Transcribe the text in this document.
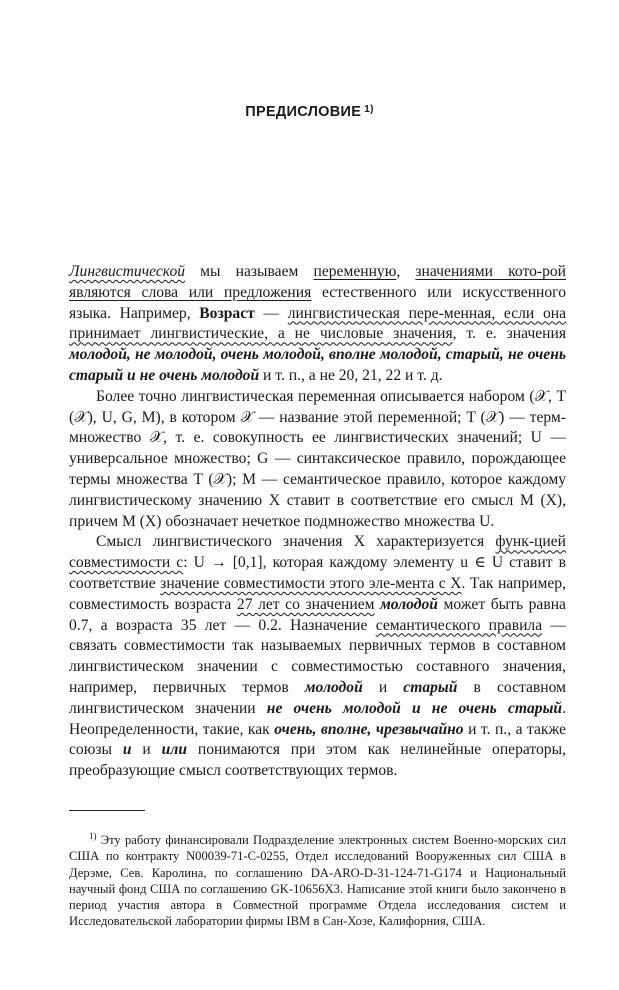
ПРЕДИСЛОВИЕ $^{1)}$

Лингвистической мы называем переменную, значениями кото-рой являются слова или предложения естественного или искусственного языка. Например, Возраст — лингвистическая пере-менная, если она принимает лингвистические, а не числовые значения, т. е. значения молодой, не молодой, очень молодой, вполне молодой, старый, не очень старый и не очень молодой и т. п., а не 20, 21, 22 и т. д.

Более точно лингвистическая переменная описывается набором (𝒳, T (𝒳), U, G, M), в котором 𝒳 — название этой переменной; T (𝒳) — терм-множество 𝒳, т. е. совокупность ее лингвистических значений; U — универсальное множество; G — синтаксическое правило, порождающее термы множества T (𝒳); M — семантическое правило, которое каждому лингвистическому значению X ставит в соответствие его смысл M (X), причем M (X) обозначает нечеткое подмножество множества U.

Смысл лингвистического значения X характеризуется функ-цией совместимости c: U → [0,1], которая каждому элементу u ∈ U ставит в соответствие значение совместимости этого эле-мента с X. Так например, совместимость возраста 27 лет со значением молодой может быть равна 0.7, а возраста 35 лет — 0.2. Назначение семантического правила — связать совместимости так называемых первичных термов в составном лингвистическом значении с совместимостью составного значения, например, первичных термов молодой и старый в составном лингвистическом значении не очень молодой и не очень старый. Неопределенности, такие, как очень, вполне, чрезвычайно и т. п., а также союзы и и или понимаются при этом как нелинейные операторы, преобразующие смысл соответствующих термов.

$^{1)}$ Эту работу финансировали Подразделение электронных систем Военно-морских сил США по контракту N00039-71-C-0255, Отдел исследований Вооруженных сил США в Дерэме, Сев. Каролина, по соглашению DA-ARO-D-31-124-71-G174 и Национальный научный фонд США по соглашению GK-10656X3. Написание этой книги было закончено в период участия автора в Совместной программе Отдела исследования систем и Исследовательской лаборатории фирмы IBM в Сан-Хозе, Калифорния, США.
